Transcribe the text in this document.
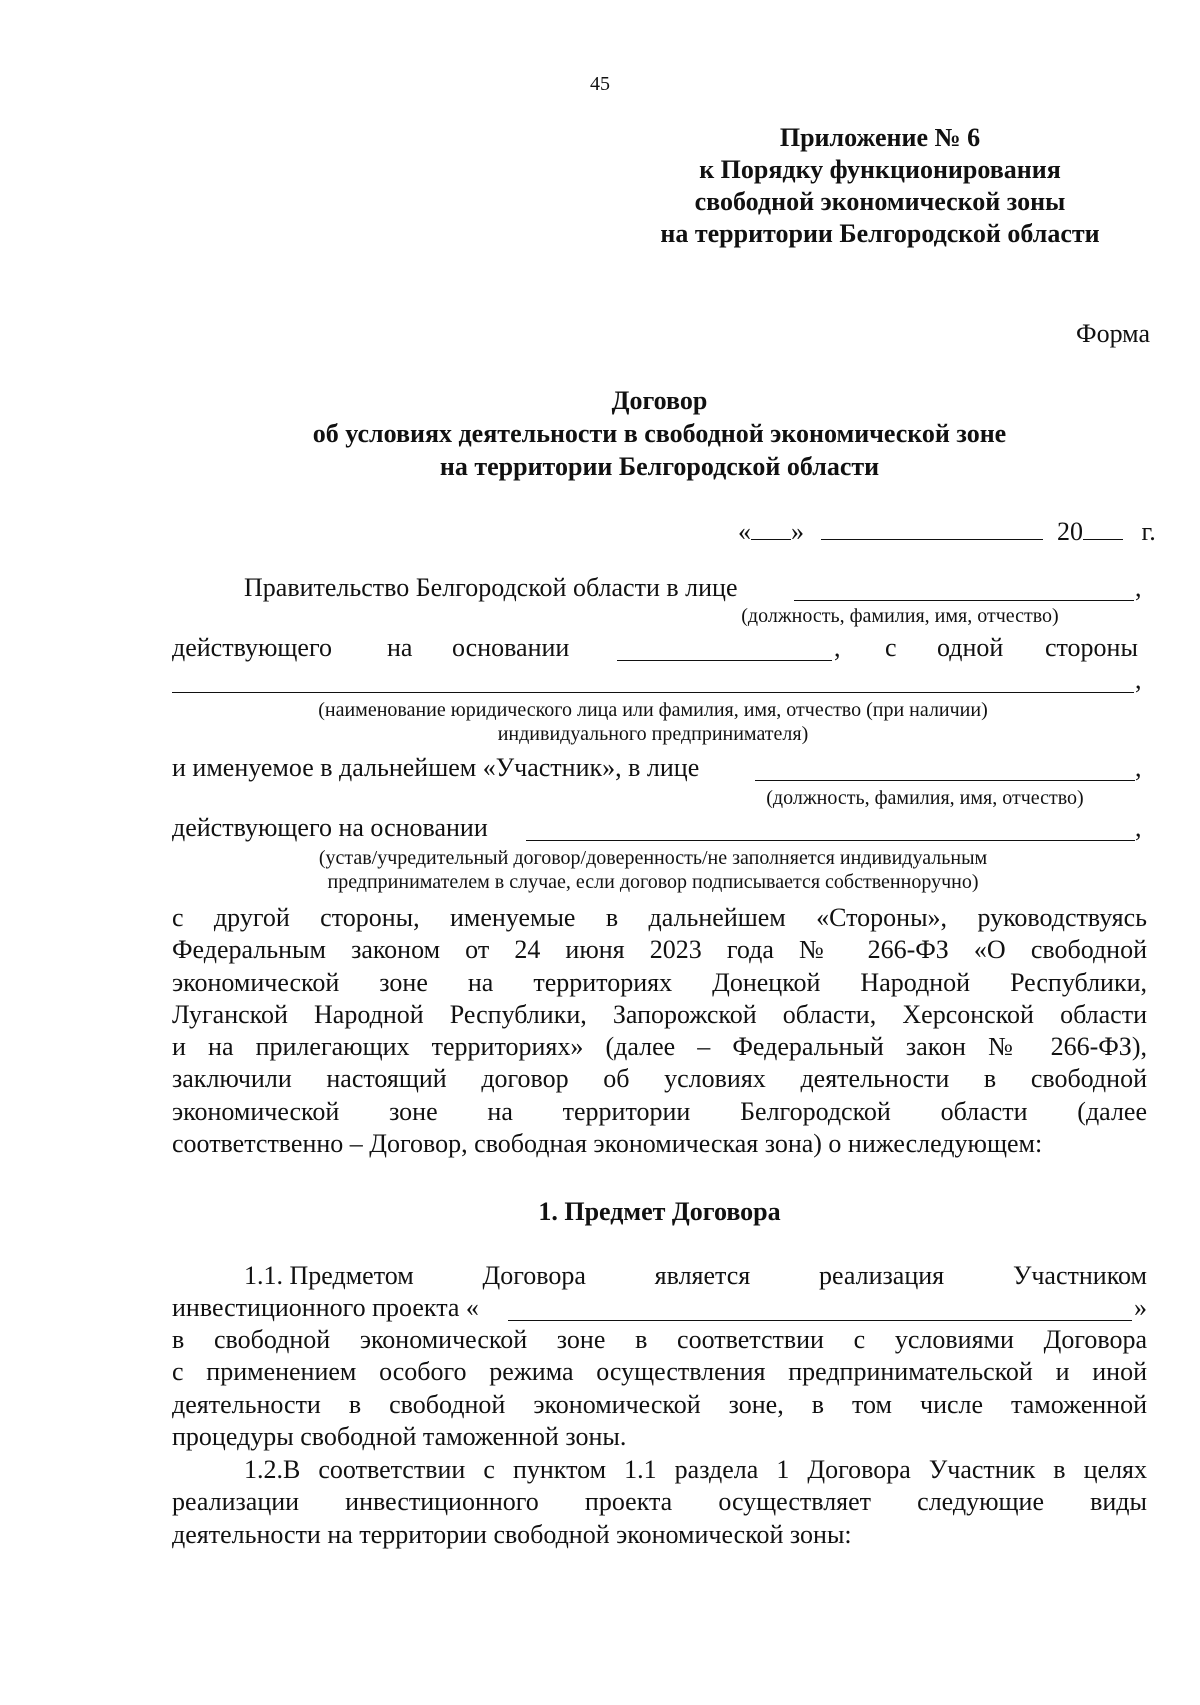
45
Приложение № 6
к Порядку функционирования
свободной экономической зоны
на территории Белгородской области
Форма
Договор
об условиях деятельности в свободной экономической зоне
на территории Белгородской области
« »	20 г.
Правительство Белгородской области в лице	,
(должность, фамилия, имя, отчество)
действующего на основании	, с одной стороны
,
(наименование юридического лица или фамилия, имя, отчество (при наличии)
индивидуального предпринимателя)
и именуемое в дальнейшем «Участник», в лице	,
(должность, фамилия, имя, отчество)
действующего на основании	,
(устав/учредительный договор/доверенность/не заполняется индивидуальным
предпринимателем в случае, если договор подписывается собственноручно)
с другой стороны, именуемые в дальнейшем «Стороны», руководствуясь
Федеральным законом от 24 июня 2023 года № 266-ФЗ «О свободной
экономической зоне на территориях Донецкой Народной Республики,
Луганской Народной Республики, Запорожской области, Херсонской области
и на прилегающих территориях» (далее – Федеральный закон № 266-ФЗ),
заключили настоящий договор об условиях деятельности в свободной
экономической зоне на территории Белгородской области (далее
соответственно – Договор, свободная экономическая зона) о нижеследующем:
1. Предмет Договора
1.1. Предметом	Договора	является	реализация	Участником
инвестиционного проекта «	»
в свободной экономической зоне в соответствии с условиями Договора
с применением особого режима осуществления предпринимательской и иной
деятельности в свободной экономической зоне, в том числе таможенной
процедуры свободной таможенной зоны.
1.2.В соответствии с пунктом 1.1 раздела 1 Договора Участник в целях
реализации инвестиционного проекта осуществляет следующие виды
деятельности на территории свободной экономической зоны:
